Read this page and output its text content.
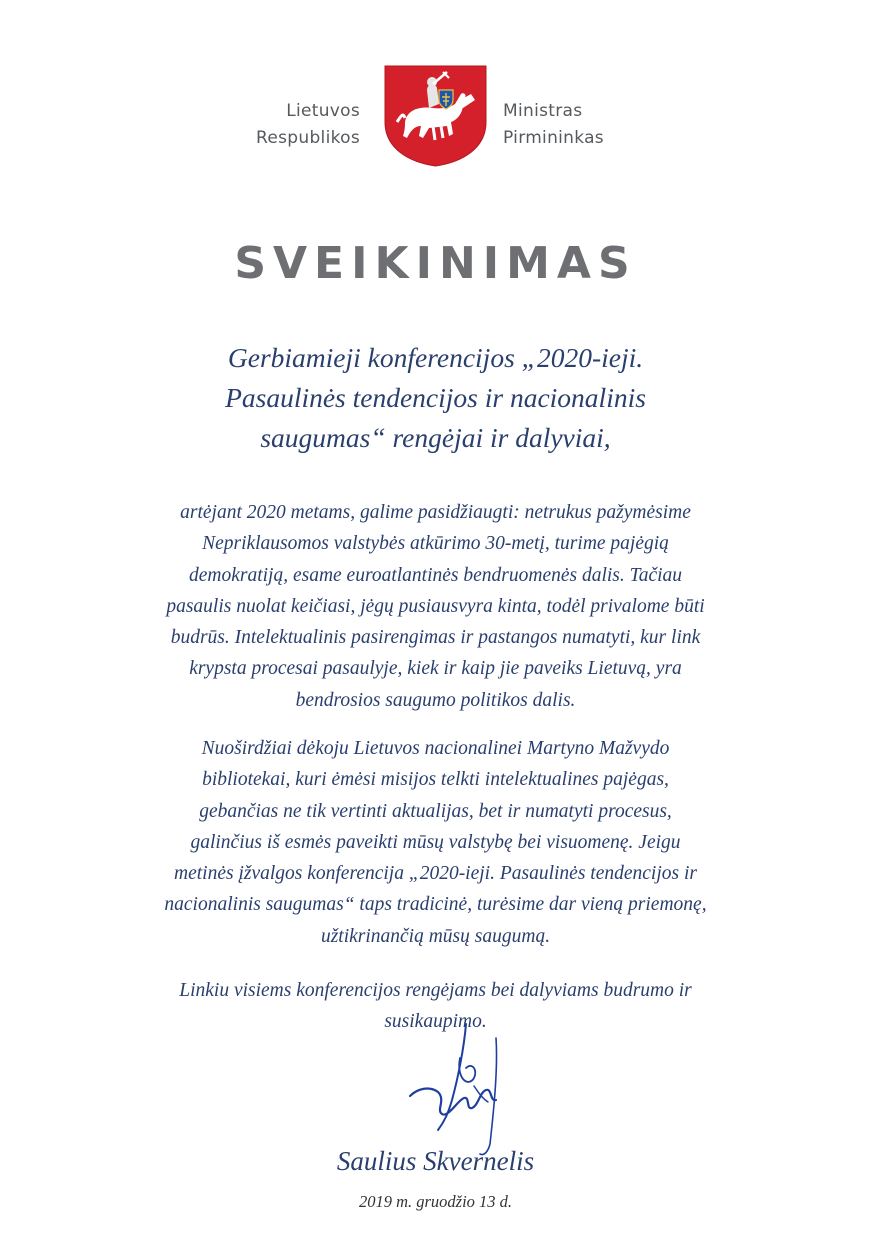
Lietuvos
Respublikos
Ministras
Pirmininkas
SVEIKINIMAS
Gerbiamieji konferencijos „2020-ieji.
Pasaulinės tendencijos ir nacionalinis
saugumas“ rengėjai ir dalyviai,
artėjant 2020 metams, galime pasidžiaugti: netrukus pažymėsime
Nepriklausomos valstybės atkūrimo 30-metį, turime pajėgią
demokratiją, esame euroatlantinės bendruomenės dalis. Tačiau
pasaulis nuolat keičiasi, jėgų pusiausvyra kinta, todėl privalome būti
budrūs. Intelektualinis pasirengimas ir pastangos numatyti, kur link
krypsta procesai pasaulyje, kiek ir kaip jie paveiks Lietuvą, yra
bendrosios saugumo politikos dalis.
Nuoširdžiai dėkoju Lietuvos nacionalinei Martyno Mažvydo
bibliotekai, kuri ėmėsi misijos telkti intelektualines pajėgas,
gebančias ne tik vertinti aktualijas, bet ir numatyti procesus,
galinčius iš esmės paveikti mūsų valstybę bei visuomenę. Jeigu
metinės įžvalgos konferencija „2020-ieji. Pasaulinės tendencijos ir
nacionalinis saugumas“ taps tradicinė, turėsime dar vieną priemonę,
užtikrinančią mūsų saugumą.
Linkiu visiems konferencijos rengėjams bei dalyviams budrumo ir
susikaupimo.
Saulius Skvernelis
2019 m. gruodžio 13 d.
